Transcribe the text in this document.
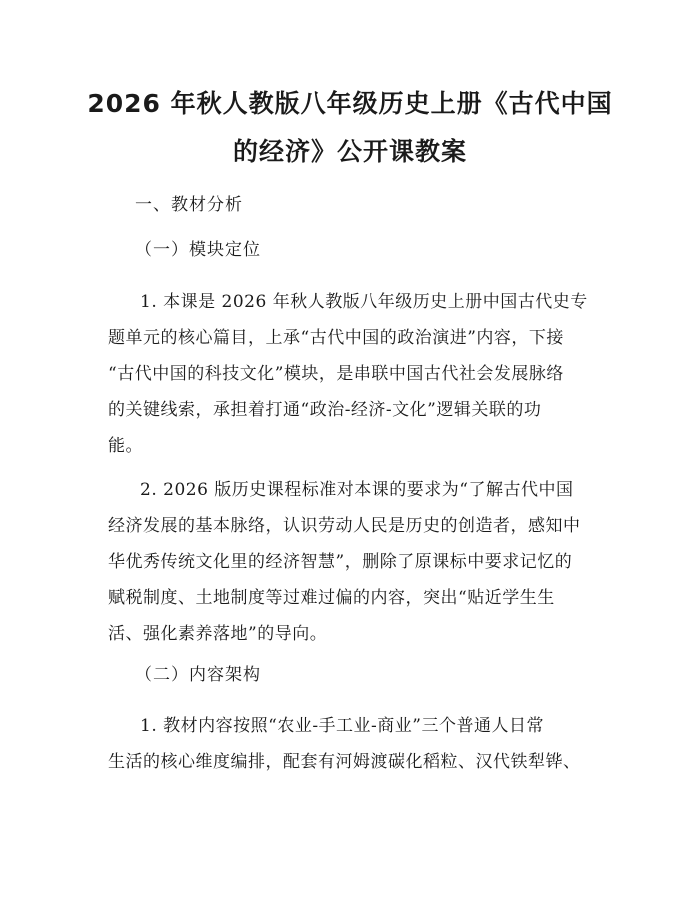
2026 年秋人教版八年级历史上册《古代中国
的经济》公开课教案

一、教材分析

（一）模块定位

1. 本课是 2026 年秋人教版八年级历史上册中国古代史专
题单元的核心篇目，上承“古代中国的政治演进”内容，下接
“古代中国的科技文化”模块，是串联中国古代社会发展脉络
的关键线索，承担着打通“政治-经济-文化”逻辑关联的功
能。
2. 2026 版历史课程标准对本课的要求为“了解古代中国
经济发展的基本脉络，认识劳动人民是历史的创造者，感知中
华优秀传统文化里的经济智慧”，删除了原课标中要求记忆的
赋税制度、土地制度等过难过偏的内容，突出“贴近学生生
活、强化素养落地”的导向。

（二）内容架构

1. 教材内容按照“农业-手工业-商业”三个普通人日常
生活的核心维度编排，配套有河姆渡碳化稻粒、汉代铁犁铧、
